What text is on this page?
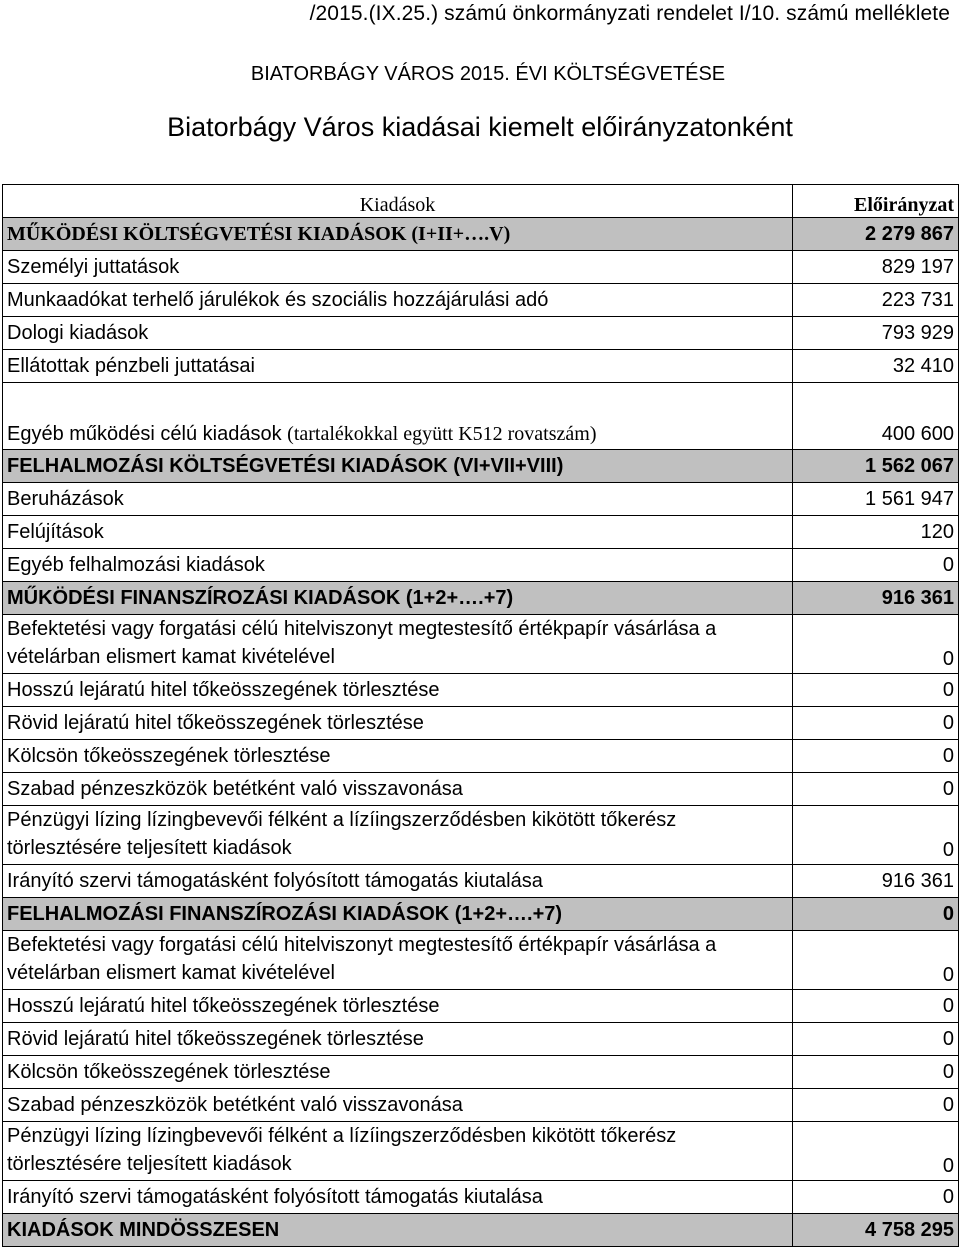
/2015.(IX.25.) számú önkormányzati rendelet I/10. számú melléklete
BIATORBÁGY VÁROS 2015. ÉVI KÖLTSÉGVETÉSE
Biatorbágy Város kiadásai kiemelt előirányzatonként
Kiadások	Előirányzat
MŰKÖDÉSI KÖLTSÉGVETÉSI KIADÁSOK (I+II+….V)	2 279 867
Személyi juttatások	829 197
Munkaadókat terhelő járulékok és szociális hozzájárulási adó	223 731
Dologi kiadások	793 929
Ellátottak pénzbeli juttatásai	32 410
Egyéb működési célú kiadások (tartalékokkal együtt K512 rovatszám)	400 600
FELHALMOZÁSI KÖLTSÉGVETÉSI KIADÁSOK (VI+VII+VIII)	1 562 067
Beruházások	1 561 947
Felújítások	120
Egyéb felhalmozási kiadások	0
MŰKÖDÉSI FINANSZÍROZÁSI KIADÁSOK (1+2+….+7)	916 361
Befektetési vagy forgatási célú hitelviszonyt megtestesítő értékpapír vásárlása a vételárban elismert kamat kivételével	0
Hosszú lejáratú hitel tőkeösszegének törlesztése	0
Rövid lejáratú hitel tőkeösszegének törlesztése	0
Kölcsön tőkeösszegének törlesztése	0
Szabad pénzeszközök betétként való visszavonása	0
Pénzügyi lízing lízingbevevői félként a lízíingszerződésben kikötött tőkerész törlesztésére teljesített kiadások	0
Irányító szervi támogatásként folyósított támogatás kiutalása	916 361
FELHALMOZÁSI FINANSZÍROZÁSI KIADÁSOK (1+2+….+7)	0
Befektetési vagy forgatási célú hitelviszonyt megtestesítő értékpapír vásárlása a vételárban elismert kamat kivételével	0
Hosszú lejáratú hitel tőkeösszegének törlesztése	0
Rövid lejáratú hitel tőkeösszegének törlesztése	0
Kölcsön tőkeösszegének törlesztése	0
Szabad pénzeszközök betétként való visszavonása	0
Pénzügyi lízing lízingbevevői félként a lízíingszerződésben kikötött tőkerész törlesztésére teljesített kiadások	0
Irányító szervi támogatásként folyósított támogatás kiutalása	0
KIADÁSOK MINDÖSSZESEN	4 758 295
